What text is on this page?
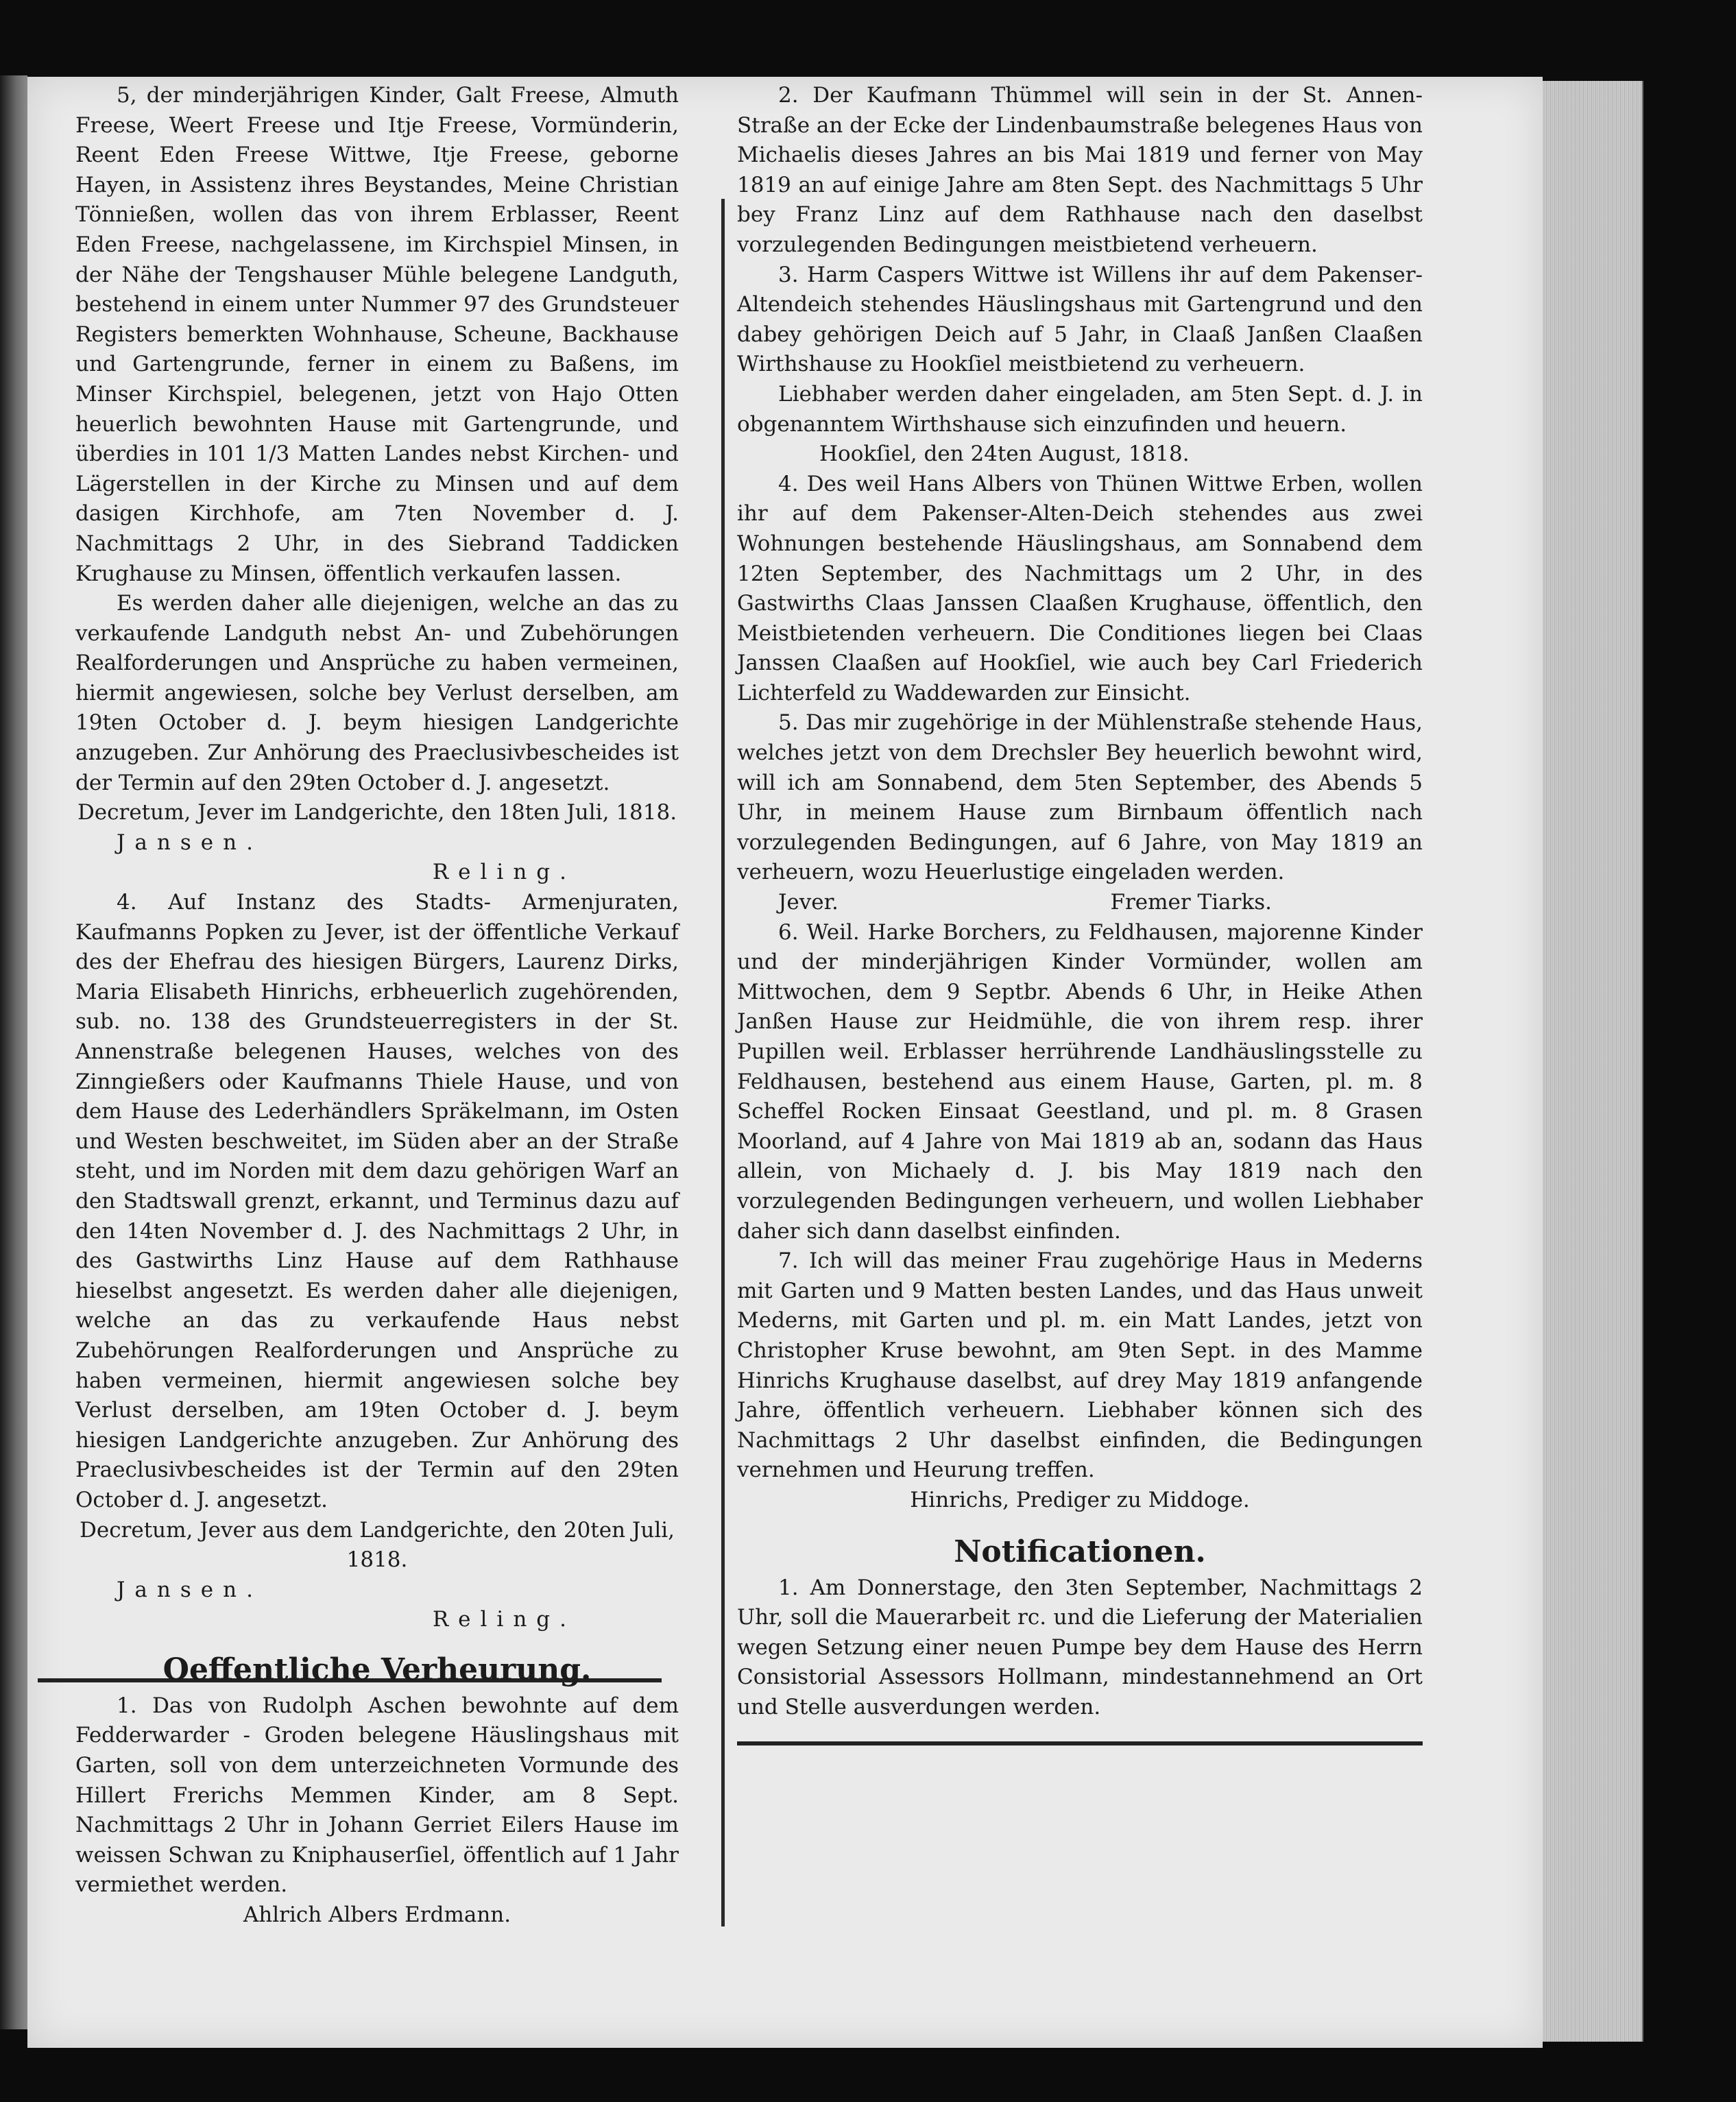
5, der minderjährigen Kinder, Galt Freese, Almuth Freese, Weert Freese und Itje Freese, Vormünderin, Reent Eden Freese Wittwe, Itje Freese, geborne Hayen, in Assistenz ihres Beystandes, Meine Christian Tönnießen, wollen das von ihrem Erblasser, Reent Eden Freese, nachgelassene, im Kirchspiel Minsen, in der Nähe der Tengshauser Mühle belegene Landguth, bestehend in einem unter Nummer 97 des Grundsteuer Registers bemerkten Wohnhause, Scheune, Backhause und Gartengrunde, ferner in einem zu Baßens, im Minser Kirchspiel, belegenen, jetzt von Hajo Otten heuerlich bewohnten Hause mit Gartengrunde, und überdies in 101 1/3 Matten Landes nebst Kirchen- und Lägerstellen in der Kirche zu Minsen und auf dem dasigen Kirchhofe, am 7ten November d. J. Nachmittags 2 Uhr, in des Siebrand Taddicken Krughause zu Minsen, öffentlich verkaufen lassen.

Es werden daher alle diejenigen, welche an das zu verkaufende Landguth nebst An- und Zubehörungen Realforderungen und Ansprüche zu haben vermeinen, hiermit angewiesen, solche bey Verlust derselben, am 19ten October d. J. beym hiesigen Landgerichte anzugeben. Zur Anhörung des Praeclusivbescheides ist der Termin auf den 29ten October d. J. angesetzt.

Decretum, Jever im Landgerichte, den 18ten Juli, 1818.

Jansen.

Reling.

4. Auf Instanz des Stadts- Armenjuraten, Kaufmanns Popken zu Jever, ist der öffentliche Verkauf des der Ehefrau des hiesigen Bürgers, Laurenz Dirks, Maria Elisabeth Hinrichs, erbheuerlich zugehörenden, sub. no. 138 des Grundsteuerregisters in der St. Annenstraße belegenen Hauses, welches von des Zinngießers oder Kaufmanns Thiele Hause, und von dem Hause des Lederhändlers Spräkelmann, im Osten und Westen beschweitet, im Süden aber an der Straße steht, und im Norden mit dem dazu gehörigen Warf an den Stadtswall grenzt, erkannt, und Terminus dazu auf den 14ten November d. J. des Nachmittags 2 Uhr, in des Gastwirths Linz Hause auf dem Rathhause hieselbst angesetzt. Es werden daher alle diejenigen, welche an das zu verkaufende Haus nebst Zubehörungen Realforderungen und Ansprüche zu haben vermeinen, hiermit angewiesen solche bey Verlust derselben, am 19ten October d. J. beym hiesigen Landgerichte anzugeben. Zur Anhörung des Praeclusivbescheides ist der Termin auf den 29ten October d. J. angesetzt.

Decretum, Jever aus dem Landgerichte, den 20ten Juli, 1818.

Jansen.

Reling.

Oeffentliche Verheurung.

1. Das von Rudolph Aschen bewohnte auf dem Fedderwarder - Groden belegene Häuslingshaus mit Garten, soll von dem unterzeichneten Vormunde des Hillert Frerichs Memmen Kinder, am 8 Sept. Nachmittags 2 Uhr in Johann Gerriet Eilers Hause im weissen Schwan zu Kniphauserſiel, öffentlich auf 1 Jahr vermiethet werden.

Ahlrich Albers Erdmann.

2. Der Kaufmann Thümmel will sein in der St. Annen-Straße an der Ecke der Lindenbaumstraße belegenes Haus von Michaelis dieses Jahres an bis Mai 1819 und ferner von May 1819 an auf einige Jahre am 8ten Sept. des Nachmittags 5 Uhr bey Franz Linz auf dem Rathhause nach den daselbst vorzulegenden Bedingungen meistbietend verheuern.

3. Harm Caspers Wittwe ist Willens ihr auf dem Pakenser-Altendeich stehendes Häuslingshaus mit Gartengrund und den dabey gehörigen Deich auf 5 Jahr, in Claaß Janßen Claaßen Wirthshause zu Hookſiel meistbietend zu verheuern.

Liebhaber werden daher eingeladen, am 5ten Sept. d. J. in obgenanntem Wirthshause sich einzufinden und heuern.

Hookſiel, den 24ten August, 1818.

4. Des weil Hans Albers von Thünen Wittwe Erben, wollen ihr auf dem Pakenser-Alten-Deich stehendes aus zwei Wohnungen bestehende Häuslingshaus, am Sonnabend dem 12ten September, des Nachmittags um 2 Uhr, in des Gastwirths Claas Janssen Claaßen Krughause, öffentlich, den Meistbietenden verheuern. Die Conditiones liegen bei Claas Janssen Claaßen auf Hookſiel, wie auch bey Carl Friederich Lichterfeld zu Waddewarden zur Einsicht.

5. Das mir zugehörige in der Mühlenstraße stehende Haus, welches jetzt von dem Drechsler Bey heuerlich bewohnt wird, will ich am Sonnabend, dem 5ten September, des Abends 5 Uhr, in meinem Hause zum Birnbaum öffentlich nach vorzulegenden Bedingungen, auf 6 Jahre, von May 1819 an verheuern, wozu Heuerlustige eingeladen werden.

Jever.	Fremer Tiarks.

6. Weil. Harke Borchers, zu Feldhausen, majorenne Kinder und der minderjährigen Kinder Vormünder, wollen am Mittwochen, dem 9 Septbr. Abends 6 Uhr, in Heike Athen Janßen Hause zur Heidmühle, die von ihrem resp. ihrer Pupillen weil. Erblasser herrührende Landhäuslingsstelle zu Feldhausen, bestehend aus einem Hause, Garten, pl. m. 8 Scheffel Rocken Einsaat Geestland, und pl. m. 8 Grasen Moorland, auf 4 Jahre von Mai 1819 ab an, sodann das Haus allein, von Michaely d. J. bis May 1819 nach den vorzulegenden Bedingungen verheuern, und wollen Liebhaber daher sich dann daselbst einfinden.

7. Ich will das meiner Frau zugehörige Haus in Mederns mit Garten und 9 Matten besten Landes, und das Haus unweit Mederns, mit Garten und pl. m. ein Matt Landes, jetzt von Christopher Kruse bewohnt, am 9ten Sept. in des Mamme Hinrichs Krughause daselbst, auf drey May 1819 anfangende Jahre, öffentlich verheuern. Liebhaber können sich des Nachmittags 2 Uhr daselbst einfinden, die Bedingungen vernehmen und Heurung treffen.

Hinrichs, Prediger zu Middoge.

Notificationen.

1. Am Donnerstage, den 3ten September, Nachmittags 2 Uhr, soll die Mauerarbeit rc. und die Lieferung der Materialien wegen Setzung einer neuen Pumpe bey dem Hause des Herrn Consistorial Assessors Hollmann, mindestannehmend an Ort und Stelle ausverdungen werden.
